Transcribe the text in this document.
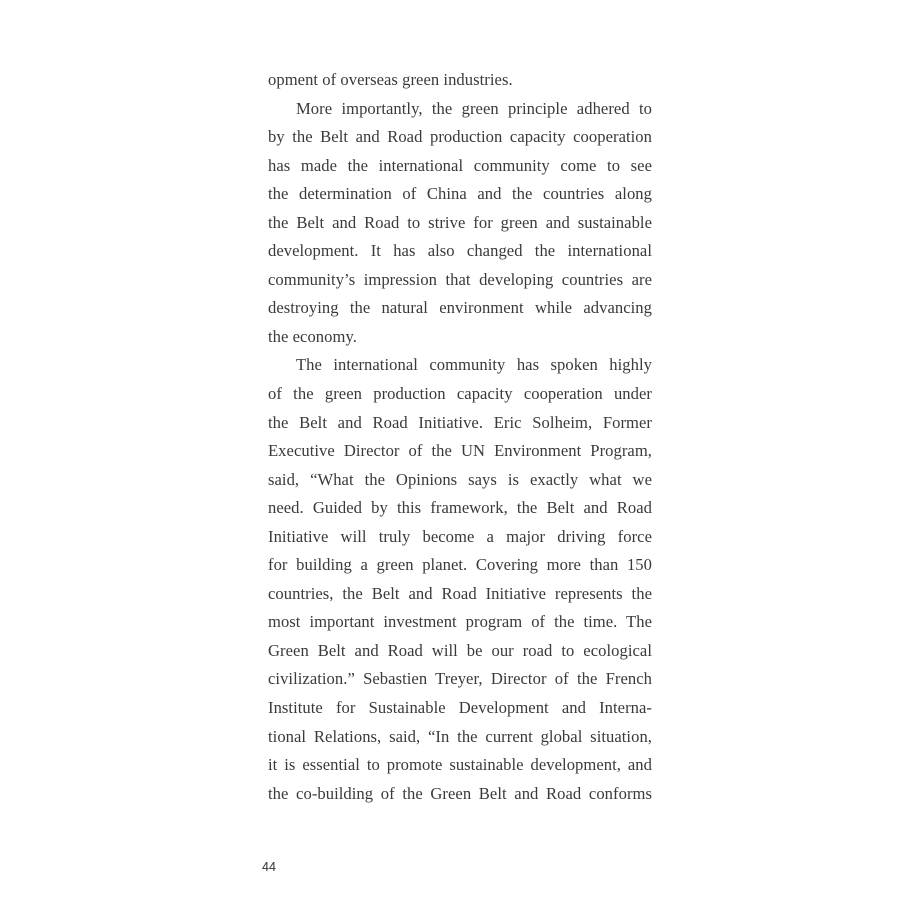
opment of overseas green industries.
More importantly, the green principle adhered to
by the Belt and Road production capacity cooperation
has made the international community come to see
the determination of China and the countries along
the Belt and Road to strive for green and sustainable
development. It has also changed the international
community’s impression that developing countries are
destroying the natural environment while advancing
the economy.
The international community has spoken highly
of the green production capacity cooperation under
the Belt and Road Initiative. Eric Solheim, Former
Executive Director of the UN Environment Program,
said, “What the Opinions says is exactly what we
need. Guided by this framework, the Belt and Road
Initiative will truly become a major driving force
for building a green planet. Covering more than 150
countries, the Belt and Road Initiative represents the
most important investment program of the time. The
Green Belt and Road will be our road to ecological
civilization.” Sebastien Treyer, Director of the French
Institute for Sustainable Development and Interna-
tional Relations, said, “In the current global situation,
it is essential to promote sustainable development, and
the co-building of the Green Belt and Road conforms
44
